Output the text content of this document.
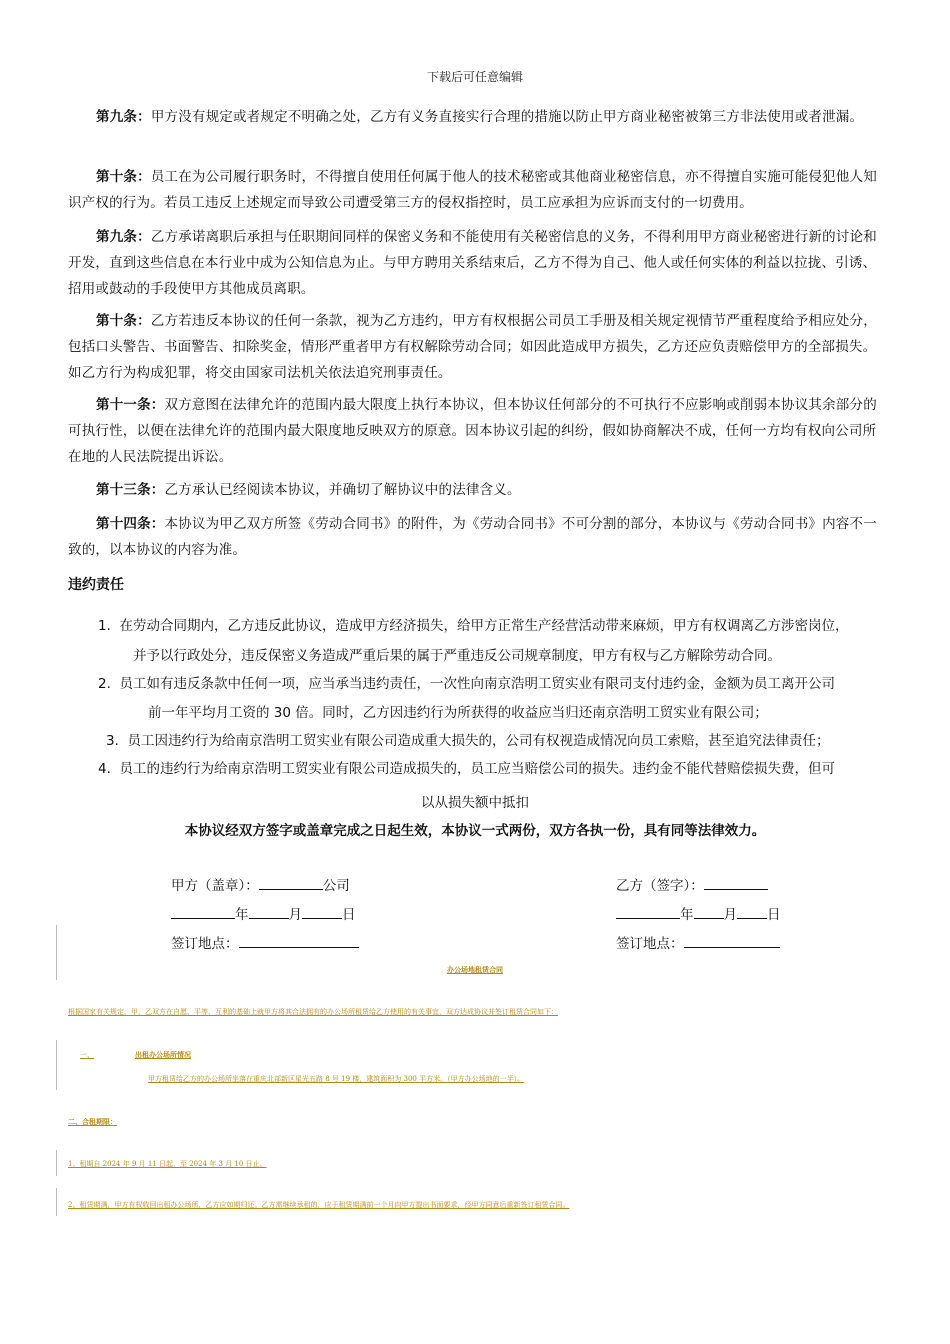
下载后可任意编辑
第九条：甲方没有规定或者规定不明确之处，乙方有义务直接实行合理的措施以防止甲方商业秘密被第三方非法使用或者泄漏。
第十条：员工在为公司履行职务时，不得擅自使用任何属于他人的技术秘密或其他商业秘密信息，亦不得擅自实施可能侵犯他人知识产权的行为。若员工违反上述规定而导致公司遭受第三方的侵权指控时，员工应承担为应诉而支付的一切费用。
第九条：乙方承诺离职后承担与任职期间同样的保密义务和不能使用有关秘密信息的义务，不得利用甲方商业秘密进行新的讨论和开发，直到这些信息在本行业中成为公知信息为止。与甲方聘用关系结束后，乙方不得为自己、他人或任何实体的利益以拉拢、引诱、招用或鼓动的手段使甲方其他成员离职。
第十条：乙方若违反本协议的任何一条款，视为乙方违约，甲方有权根据公司员工手册及相关规定视情节严重程度给予相应处分，包括口头警告、书面警告、扣除奖金，情形严重者甲方有权解除劳动合同；如因此造成甲方损失，乙方还应负责赔偿甲方的全部损失。如乙方行为构成犯罪，将交由国家司法机关依法追究刑事责任。
第十一条：双方意图在法律允许的范围内最大限度上执行本协议，但本协议任何部分的不可执行不应影响或削弱本协议其余部分的可执行性，以便在法律允许的范围内最大限度地反映双方的原意。因本协议引起的纠纷，假如协商解决不成，任何一方均有权向公司所在地的人民法院提出诉讼。
第十三条：乙方承认已经阅读本协议，并确切了解协议中的法律含义。
第十四条：本协议为甲乙双方所签《劳动合同书》的附件，为《劳动合同书》不可分割的部分，本协议与《劳动合同书》内容不一致的，以本协议的内容为准。
违约责任
1. 在劳动合同期内，乙方违反此协议，造成甲方经济损失，给甲方正常生产经营活动带来麻烦，甲方有权调离乙方涉密岗位，
并予以行政处分，违反保密义务造成严重后果的属于严重违反公司规章制度，甲方有权与乙方解除劳动合同。
2. 员工如有违反条款中任何一项，应当承当违约责任，一次性向南京浩明工贸实业有限司支付违约金，金额为员工离开公司
前一年平均月工资的 30 倍。同时，乙方因违约行为所获得的收益应当归还南京浩明工贸实业有限公司；
3. 员工因违约行为给南京浩明工贸实业有限公司造成重大损失的，公司有权视造成情况向员工索赔，甚至追究法律责任；
4. 员工的违约行为给南京浩明工贸实业有限公司造成损失的，员工应当赔偿公司的损失。违约金不能代替赔偿损失费，但可
以从损失额中抵扣
本协议经双方签字或盖章完成之日起生效，本协议一式两份，双方各执一份，具有同等法律效力。
甲方（盖章）：	公司	乙方（签字）：
年	月	日	年 月 日
签订地点：	签订地点：
办公场地租赁合同
根据国家有关规定，甲、乙双方在自愿、平等、互利的基础上就甲方将其合法拥有的办公场所租赁给乙方使用的有关事宜，双方达成协议并签订租赁合同如下：
一、	出租办公场所情况
甲方租赁给乙方的办公场所坐落在重庆北部新区星光五路 8 号 19 楼，建筑面积为 300 平方米。（甲方办公场地的一半）。
二、合租期限：
1、租期自 2024 年 9 月 11 日起，至 2024 年 3 月 10 日止。
2、租赁期满，甲方有权收回出租办公场所，乙方应如期归还。乙方需继续承租的，应于租赁期满前一个月向甲方提出书面要求，经甲方同意后重新签订租赁合同。
